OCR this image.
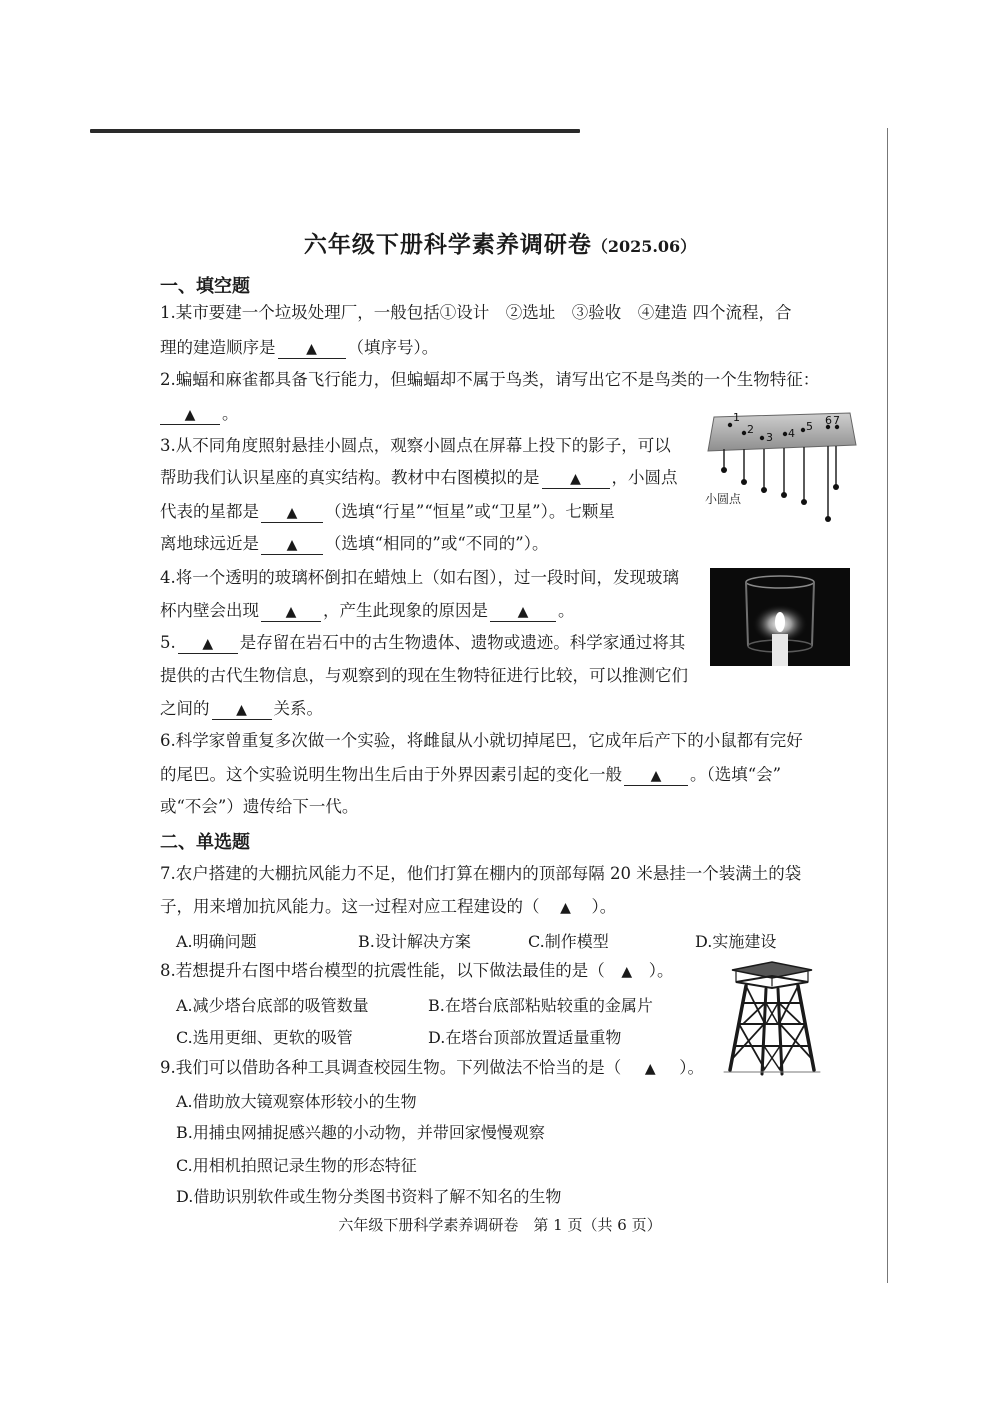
六年级下册科学素养调研卷（2025.06）
一、填空题
1.某市要建一个垃圾处理厂，一般包括①设计　②选址　③验收　④建造 四个流程，合
理的建造顺序是 ▲ （填序号）。
2.蝙蝠和麻雀都具备飞行能力，但蝙蝠却不属于鸟类，请写出它不是鸟类的一个生物特征：
▲ 。
3.从不同角度照射悬挂小圆点，观察小圆点在屏幕上投下的影子，可以
帮助我们认识星座的真实结构。教材中右图模拟的是 ▲ ，小圆点
代表的星都是 ▲ （选填“行星”“恒星”或“卫星”）。七颗星
离地球远近是 ▲ （选填“相同的”或“不同的”）。
1
2
3 4
5 6 7
小圆点
4.将一个透明的玻璃杯倒扣在蜡烛上（如右图），过一段时间，发现玻璃
杯内壁会出现 ▲ ，产生此现象的原因是 ▲ 。
5. ▲ 是存留在岩石中的古生物遗体、遗物或遗迹。科学家通过将其
提供的古代生物信息，与观察到的现在生物特征进行比较，可以推测它们
之间的 ▲ 关系。
6.科学家曾重复多次做一个实验，将雌鼠从小就切掉尾巴，它成年后产下的小鼠都有完好
的尾巴。这个实验说明生物出生后由于外界因素引起的变化一般 ▲ 。（选填“会”
或“不会”）遗传给下一代。
二、单选题
7.农户搭建的大棚抗风能力不足，他们打算在棚内的顶部每隔 20 米悬挂一个装满土的袋
子，用来增加抗风能力。这一过程对应工程建设的（ ▲ ）。
A.明确问题	B.设计解决方案	C.制作模型	D.实施建设
8.若想提升右图中塔台模型的抗震性能，以下做法最佳的是（ ▲ ）。
A.减少塔台底部的吸管数量	B.在塔台底部粘贴较重的金属片
C.选用更细、更软的吸管	D.在塔台顶部放置适量重物
9.我们可以借助各种工具调查校园生物。下列做法不恰当的是（ ▲ ）。
A.借助放大镜观察体形较小的生物
B.用捕虫网捕捉感兴趣的小动物，并带回家慢慢观察
C.用相机拍照记录生物的形态特征
D.借助识别软件或生物分类图书资料了解不知名的生物
六年级下册科学素养调研卷　第 1 页（共 6 页）
